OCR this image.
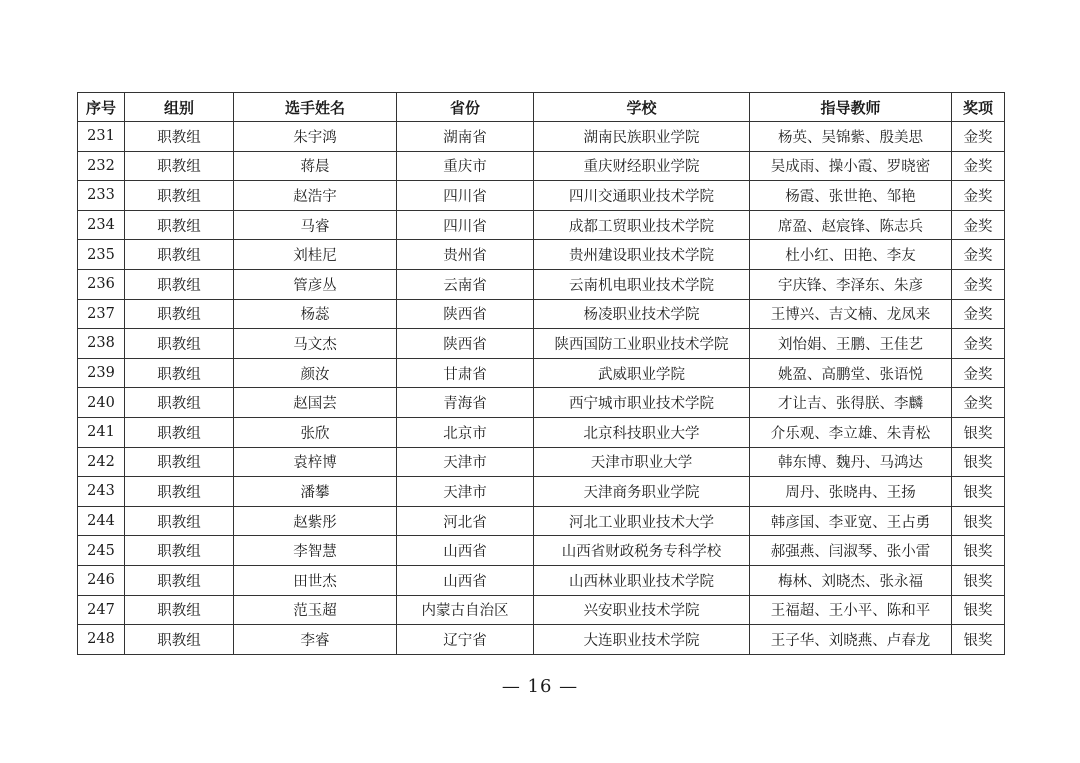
序号	组别	选手姓名	省份	学校	指导教师	奖项
231	职教组	朱宇鸿	湖南省	湖南民族职业学院	杨英、吴锦紫、殷美思	金奖
232	职教组	蒋晨	重庆市	重庆财经职业学院	吴成雨、操小霞、罗晓密	金奖
233	职教组	赵浩宇	四川省	四川交通职业技术学院	杨霞、张世艳、邹艳	金奖
234	职教组	马睿	四川省	成都工贸职业技术学院	席盈、赵宸锋、陈志兵	金奖
235	职教组	刘桂尼	贵州省	贵州建设职业技术学院	杜小红、田艳、李友	金奖
236	职教组	管彦丛	云南省	云南机电职业技术学院	宇庆锋、李泽东、朱彦	金奖
237	职教组	杨蕊	陕西省	杨凌职业技术学院	王博兴、吉文楠、龙凤来	金奖
238	职教组	马文杰	陕西省	陕西国防工业职业技术学院	刘怡娟、王鹏、王佳艺	金奖
239	职教组	颜汝	甘肃省	武威职业学院	姚盈、高鹏堂、张语悦	金奖
240	职教组	赵国芸	青海省	西宁城市职业技术学院	才让吉、张得朕、李麟	金奖
241	职教组	张欣	北京市	北京科技职业大学	介乐观、李立雄、朱青松	银奖
242	职教组	袁梓博	天津市	天津市职业大学	韩东博、魏丹、马鸿达	银奖
243	职教组	潘攀	天津市	天津商务职业学院	周丹、张晓冉、王扬	银奖
244	职教组	赵紫彤	河北省	河北工业职业技术大学	韩彦国、李亚宽、王占勇	银奖
245	职教组	李智慧	山西省	山西省财政税务专科学校	郝强燕、闫淑琴、张小雷	银奖
246	职教组	田世杰	山西省	山西林业职业技术学院	梅林、刘晓杰、张永福	银奖
247	职教组	范玉超	内蒙古自治区	兴安职业技术学院	王福超、王小平、陈和平	银奖
248	职教组	李睿	辽宁省	大连职业技术学院	王子华、刘晓燕、卢春龙	银奖
— 16 —
